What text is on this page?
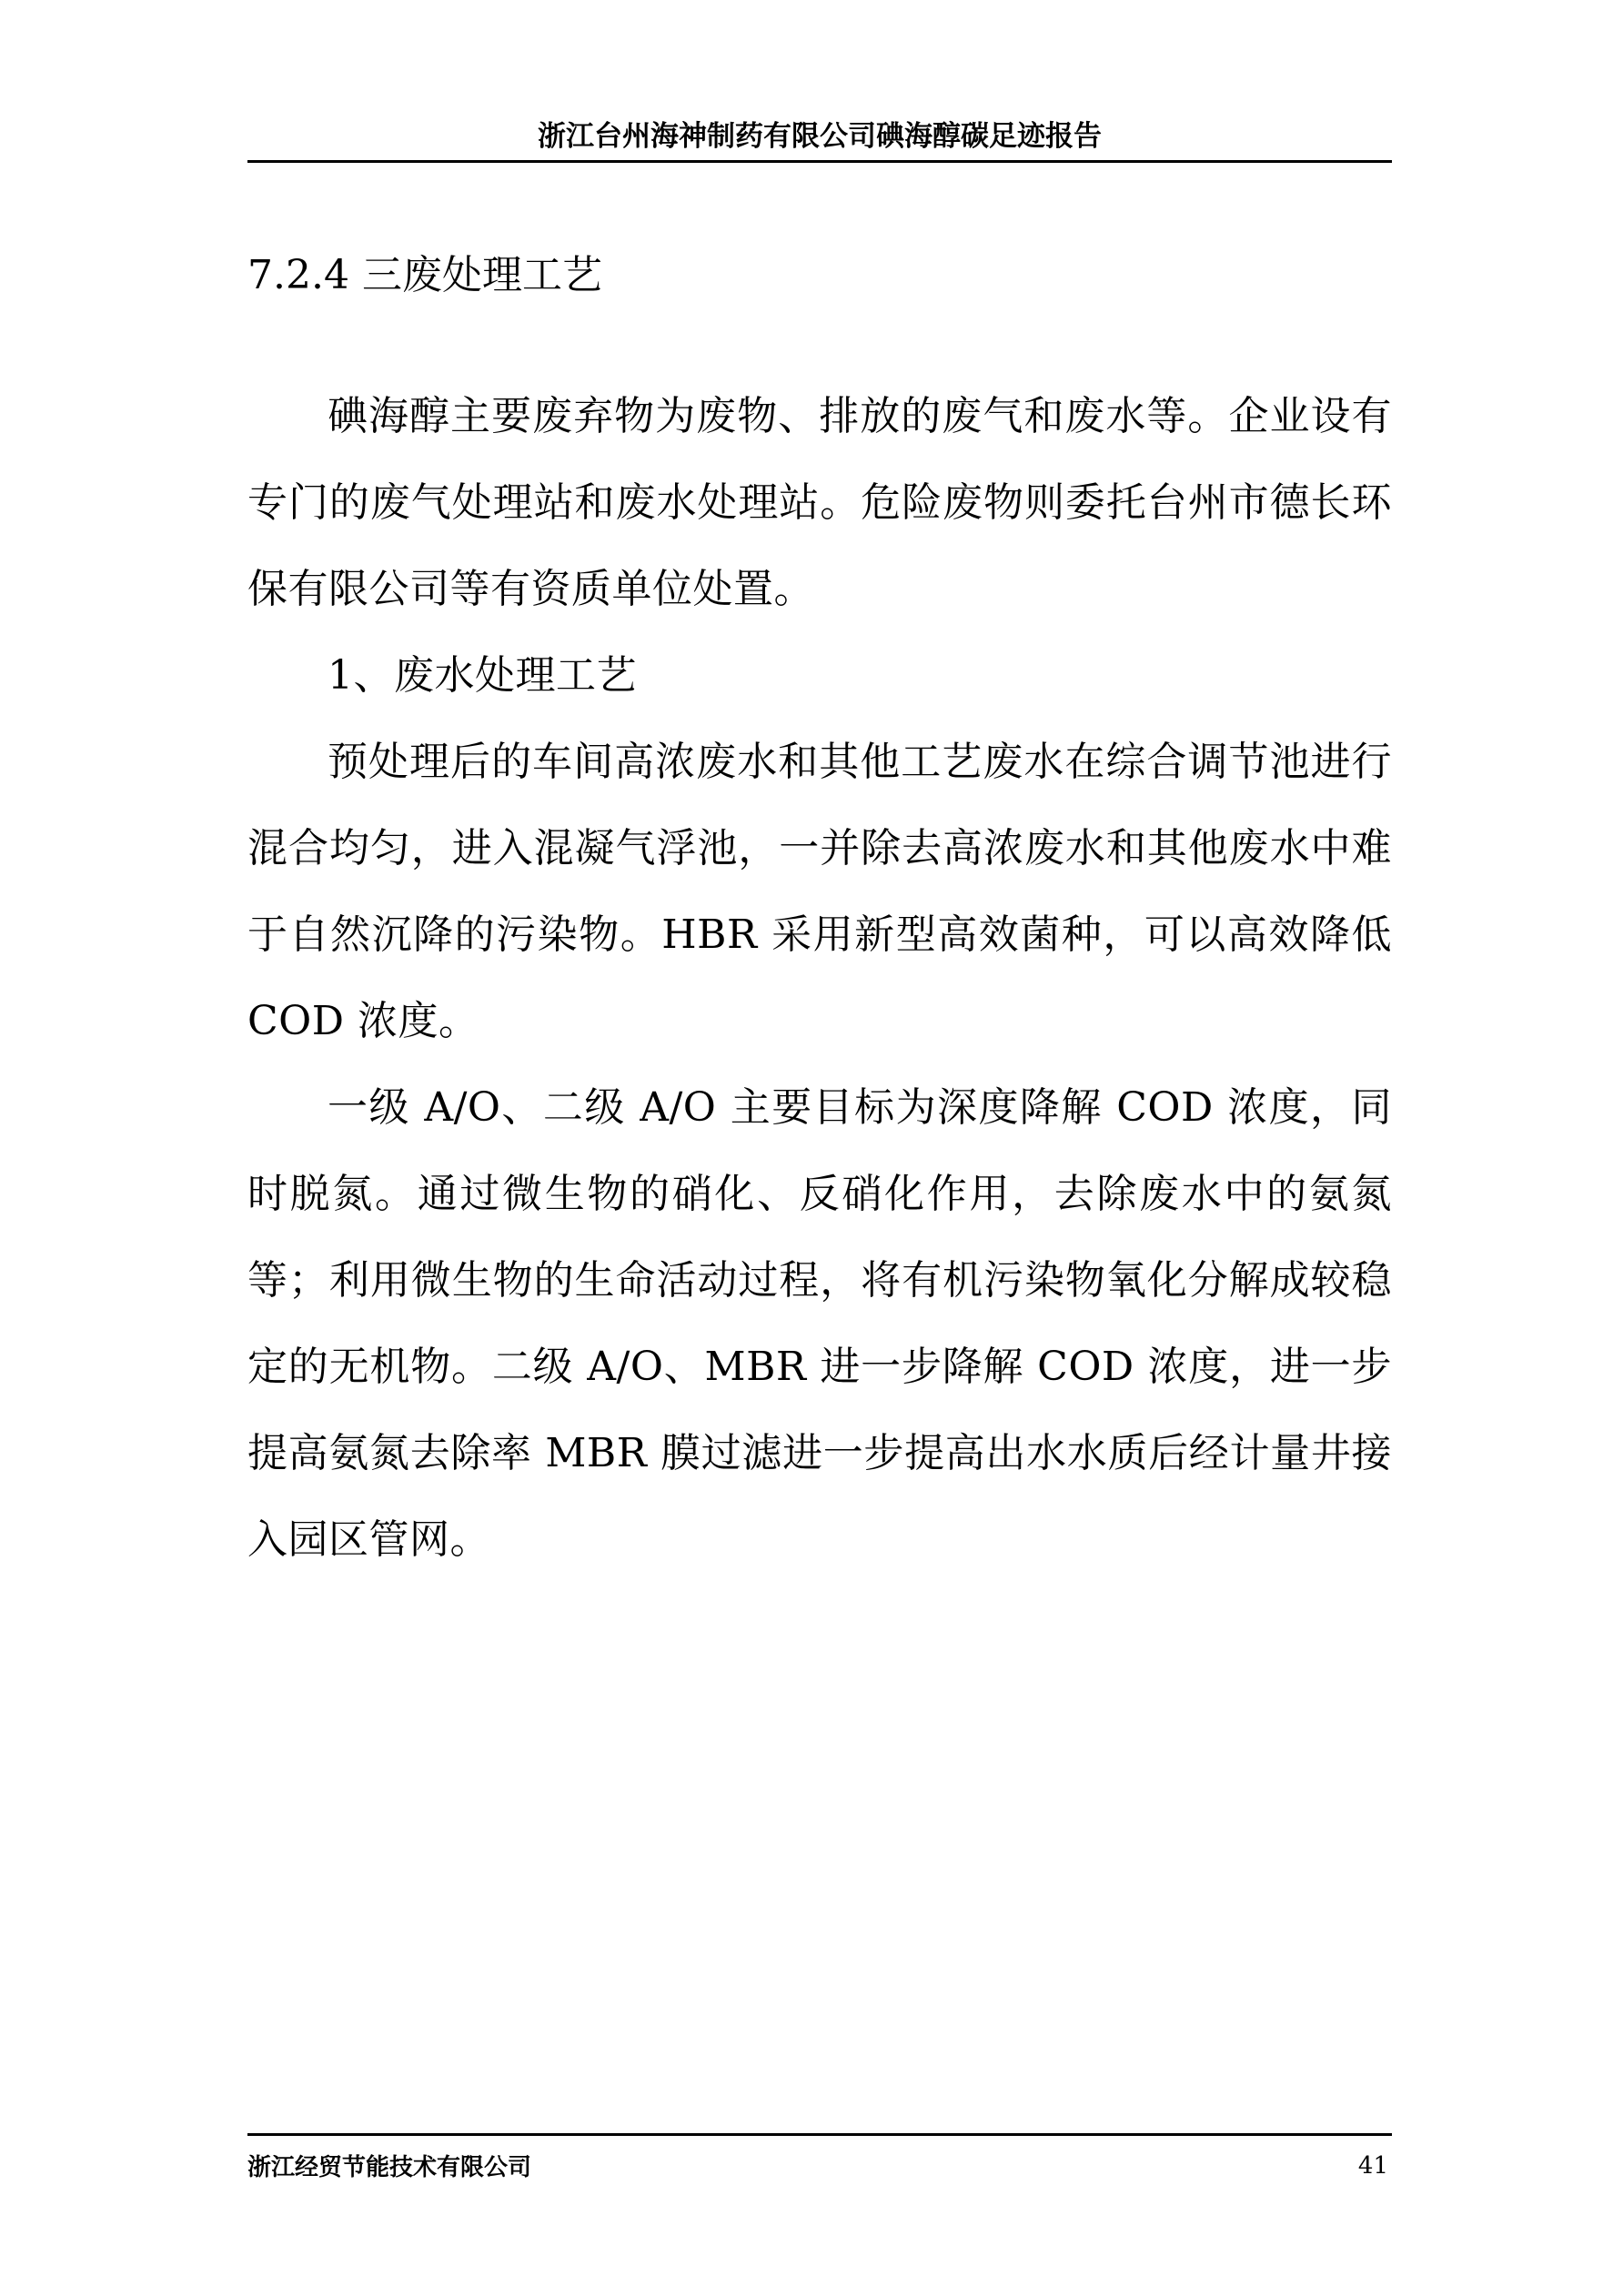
浙江台州海神制药有限公司碘海醇碳足迹报告
7.2.4 三废处理工艺

碘海醇主要废弃物为废物、排放的废气和废水等。企业设有专门的废气处理站和废水处理站。危险废物则委托台州市德长环保有限公司等有资质单位处置。

1、废水处理工艺

预处理后的车间高浓废水和其他工艺废水在综合调节池进行混合均匀，进入混凝气浮池，一并除去高浓废水和其他废水中难于自然沉降的污染物。HBR 采用新型高效菌种，可以高效降低 COD 浓度。

一级 A/O、二级 A/O 主要目标为深度降解 COD 浓度，同时脱氮。通过微生物的硝化、反硝化作用，去除废水中的氨氮等；利用微生物的生命活动过程，将有机污染物氧化分解成较稳定的无机物。二级 A/O、MBR 进一步降解 COD 浓度，进一步提高氨氮去除率 MBR 膜过滤进一步提高出水水质后经计量井接入园区管网。

浙江经贸节能技术有限公司	41
